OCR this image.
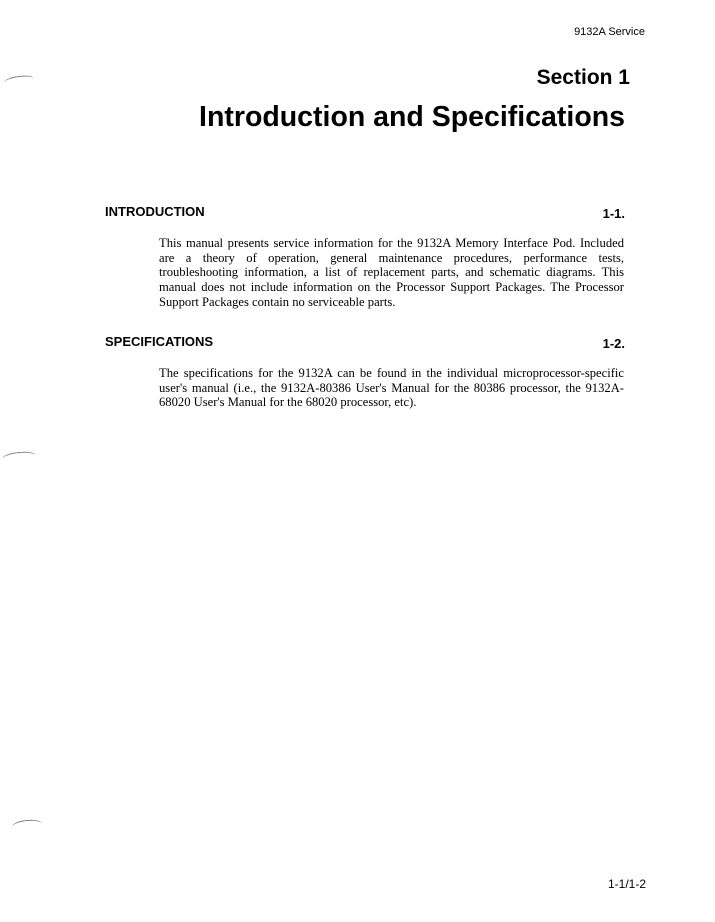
9132A Service
Section 1
Introduction and Specifications
INTRODUCTION	1-1.

This manual presents service information for the 9132A Memory Interface Pod. Included are a theory of operation, general maintenance procedures, performance tests, troubleshooting information, a list of replacement parts, and schematic diagrams. This manual does not include information on the Processor Support Packages. The Processor Support Packages contain no serviceable parts.

SPECIFICATIONS	1-2.

The specifications for the 9132A can be found in the individual microprocessor-specific user's manual (i.e., the 9132A-80386 User's Manual for the 80386 processor, the 9132A-68020 User's Manual for the 68020 processor, etc).

1-1/1-2
